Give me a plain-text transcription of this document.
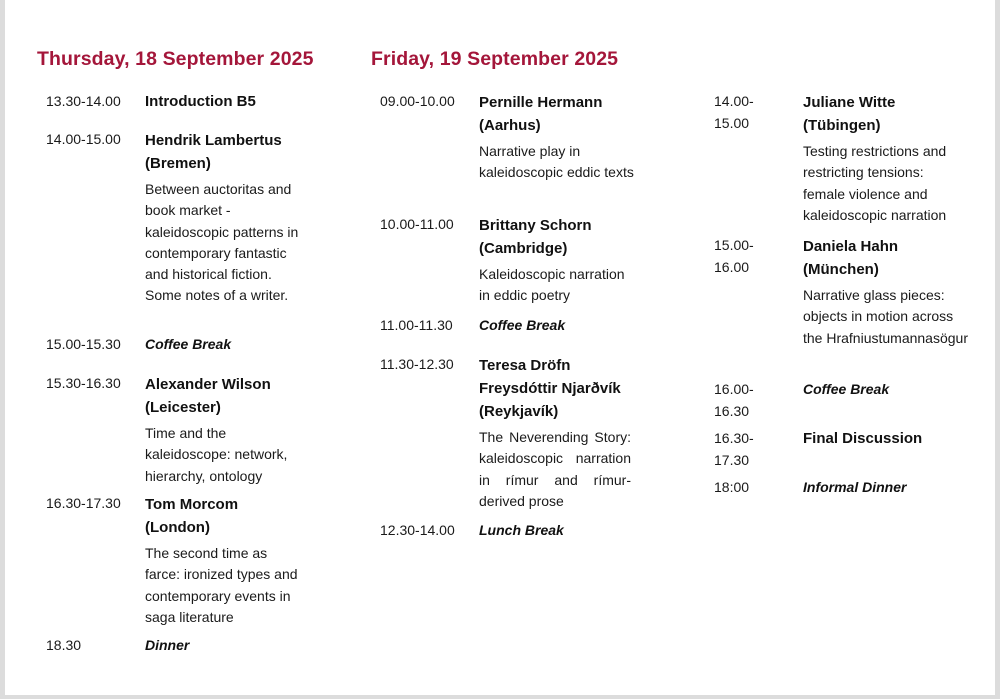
Thursday, 18 September 2025
13.30-14.00 Introduction B5
14.00-15.00 Hendrik Lambertus
(Bremen)
Between auctoritas and book market - kaleidoscopic patterns in contemporary fantastic and historical fiction. Some notes of a writer.
15.00-15.30 Coffee Break
15.30-16.30 Alexander Wilson
(Leicester)
Time and the kaleidoscope: network, hierarchy, ontology
16.30-17.30 Tom Morcom
(London)
The second time as farce: ironized types and contemporary events in saga literature
18.30	Dinner
Friday, 19 September 2025
09.00-10.00 Pernille Hermann
(Aarhus)
Narrative play in kaleidoscopic eddic texts
10.00-11.00 Brittany Schorn
(Cambridge)
Kaleidoscopic narration in eddic poetry
11.00-11.30 Coffee Break
11.30-12.30 Teresa Dröfn Freysdóttir Njarðvík
(Reykjavík)
The Neverending Story: kaleidoscopic narration in rímur and rímur-derived prose
12.30-14.00 Lunch Break
14.00-15.00
Juliane Witte
(Tübingen)
Testing restrictions and restricting tensions: female violence and kaleidoscopic narration
15.00-16.00
Daniela Hahn
(München)
Narrative glass pieces: objects in motion across the Hrafniustumannasögur
16.00-16.30
Coffee Break
16.30-17.30
Final Discussion
18:00	Informal Dinner
